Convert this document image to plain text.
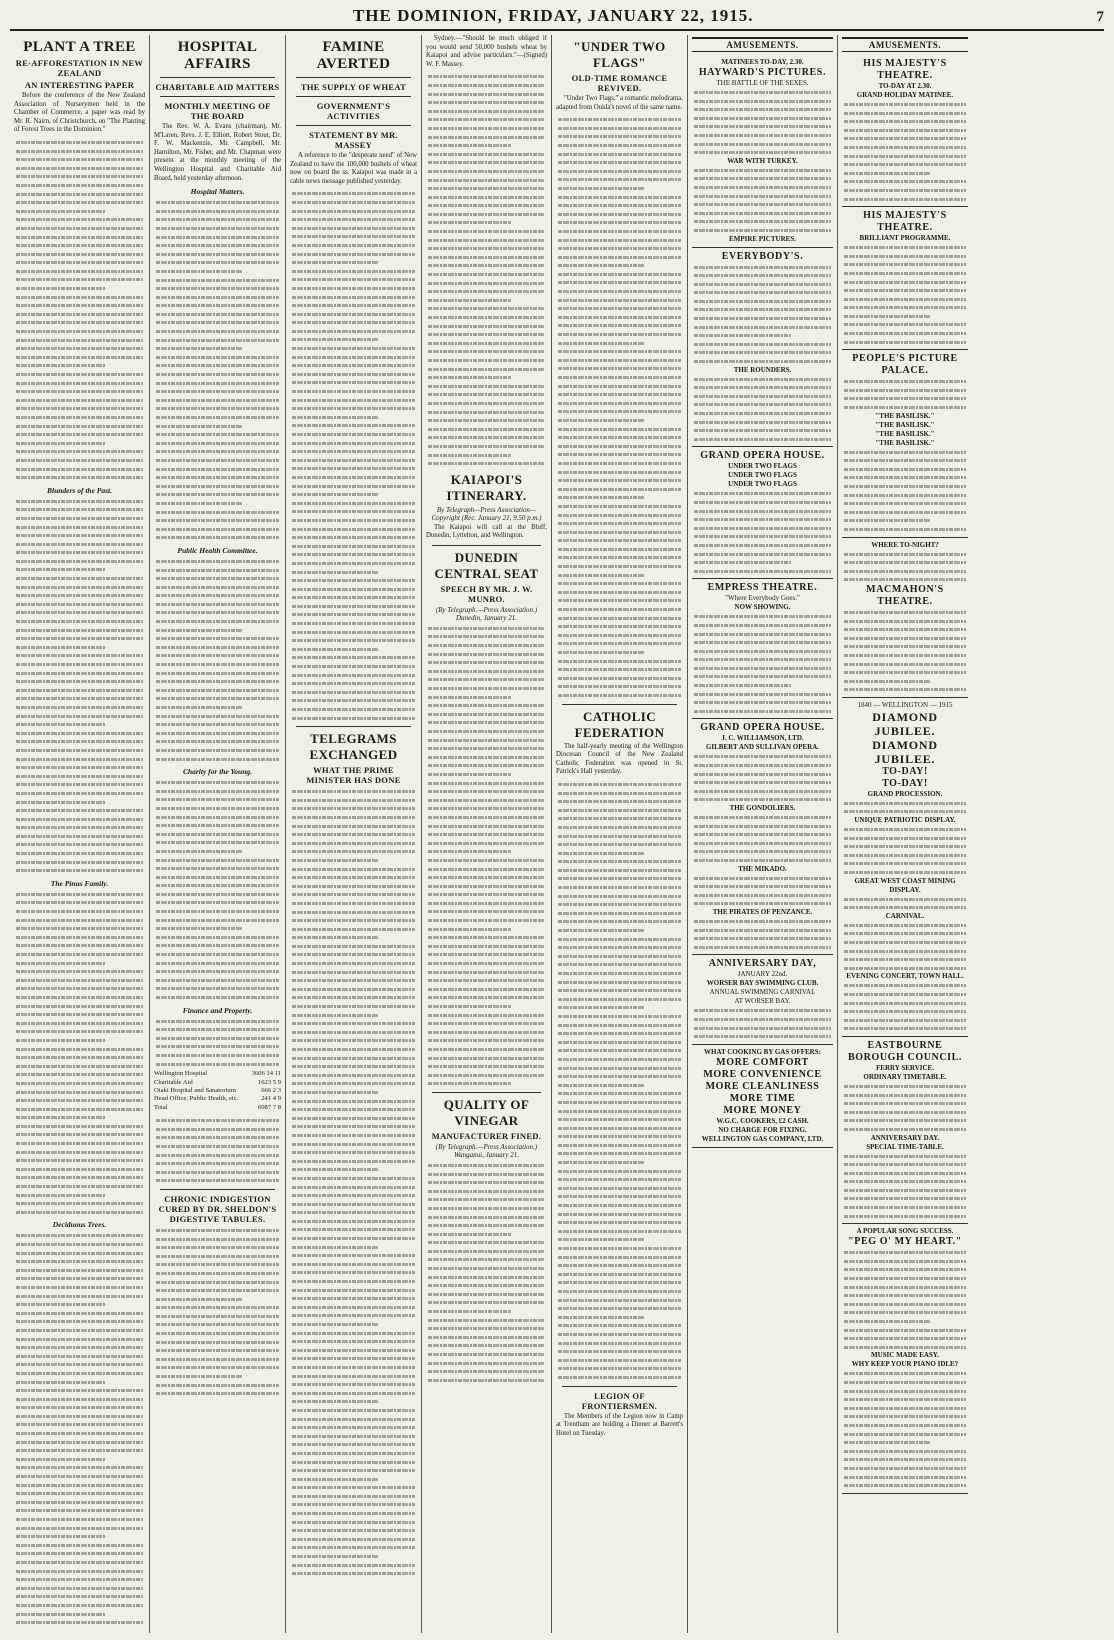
THE DOMINION, FRIDAY, JANUARY 22, 1915.	7
PLANT A TREE
RE-AFFORESTATION IN NEW ZEALAND
AN INTERESTING PAPER

Before the conference of the New Zealand Association of Nurserymen held in the Chamber of Commerce, a paper was read by Mr. R. Nairn, of Christchurch, on "The Planting of Forest Trees in the Dominion."

Blunders of the Past.
The Pinus Family.
Deciduous Trees.
HOSPITAL AFFAIRS
CHARITABLE AID MATTERS
MONTHLY MEETING OF THE BOARD

The Rev. W. A. Evans (chairman), Mr. M'Laren, Revs. J. E. Elliott, Robert Stout, Dr. F. W. Mackenzie, Mr. Campbell, Mr. Hamilton, Mr. Fisher, and Mr. Chapman were present at the monthly meeting of the Wellington Hospital and Charitable Aid Board, held yesterday afternoon.

Hospital Matters.
Public Health Committee.
Charity for the Young.
Finance and Property.
Wellington Hospital	3606 14 11
Charitable Aid	1623 5 9
Otaki Hospital and Sanatorium	666 2 3
Head Office, Public Health, etc.	241 4 9
Total	6087 7 8
CHRONIC INDIGESTION CURED BY DR. SHELDON'S DIGESTIVE TABULES.
FAMINE AVERTED
THE SUPPLY OF WHEAT
GOVERNMENT'S ACTIVITIES
STATEMENT BY MR. MASSEY

A reference to the "desperate need" of New Zealand to have the 100,000 bushels of wheat now on board the ss. Kaiapoi was made in a cable news message published yesterday.

TELEGRAMS EXCHANGED
WHAT THE PRIME MINISTER HAS DONE

Sydney.—"Should be much obliged if you would send 50,000 bushels wheat by Kaiapoi and advise particulars."—(Signed) W. F. Massey.

KAIAPOI'S ITINERARY.
By Telegraph—Press Association—Copyright (Rec. January 21, 9.50 p.m.)

The Kaiapoi will call at the Bluff, Dunedin, Lyttelton, and Wellington.

DUNEDIN CENTRAL SEAT
SPEECH BY MR. J. W. MUNRO.
(By Telegraph.—Press Association.) Dunedin, January 21.
QUALITY OF VINEGAR
MANUFACTURER FINED.
(By Telegraph.—Press Association.) Wanganui, January 21.
"UNDER TWO FLAGS"
OLD-TIME ROMANCE REVIVED.

"Under Two Flags," a romantic melodrama, adapted from Ouida's novel of the same name.

CATHOLIC FEDERATION

The half-yearly meeting of the Wellington Diocesan Council of the New Zealand Catholic Federation was opened in St. Patrick's Hall yesterday.

LEGION OF FRONTIERSMEN.

The Members of the Legion now in Camp at Trentham are holding a Dinner at Barrett's Hotel on Tuesday.

AMUSEMENTS.

MATINEES TO-DAY, 2.30.

HAYWARD'S PICTURES.

THE BATTLE OF THE SEXES.

WAR WITH TURKEY.

EMPIRE PICTURES.

EVERYBODY'S.

THE ROUNDERS.

GRAND OPERA HOUSE.

UNDER TWO FLAGS

UNDER TWO FLAGS

UNDER TWO FLAGS

EMPRESS THEATRE.

"Where Everybody Goes."

NOW SHOWING.

GRAND OPERA HOUSE.

J. C. WILLIAMSON, LTD.

GILBERT AND SULLIVAN OPERA.

THE GONDOLIERS.

THE MIKADO.

THE PIRATES OF PENZANCE.

ANNIVERSARY DAY,

JANUARY 22nd.

WORSER BAY SWIMMING CLUB.

ANNUAL SWIMMING CARNIVAL

AT WORSER BAY.

WHAT COOKING BY GAS OFFERS:

MORE COMFORT

MORE CONVENIENCE

MORE CLEANLINESS

MORE TIME

MORE MONEY

W.G.C. COOKERS, £2 CASH.

NO CHARGE FOR FIXING.

WELLINGTON GAS COMPANY, LTD.

AMUSEMENTS.

HIS MAJESTY'S THEATRE.

TO-DAY AT 2.30.

GRAND HOLIDAY MATINEE.

HIS MAJESTY'S THEATRE.

BRILLIANT PROGRAMME.

PEOPLE'S PICTURE PALACE.

"THE BASILISK."

"THE BASILISK."

"THE BASILISK."

"THE BASILISK."

WHERE TO-NIGHT?

MACMAHON'S THEATRE.

1840 — WELLINGTON — 1915

DIAMOND JUBILEE.

DIAMOND JUBILEE.

TO-DAY!

TO-DAY!

GRAND PROCESSION.

UNIQUE PATRIOTIC DISPLAY.

GREAT WEST COAST MINING DISPLAY.

CARNIVAL.

EVENING CONCERT, TOWN HALL.

EASTBOURNE BOROUGH COUNCIL.

FERRY SERVICE.

ORDINARY TIMETABLE.

ANNIVERSARY DAY.

SPECIAL TIME-TABLE.

A POPULAR SONG SUCCESS.

"PEG O' MY HEART."

MUSIC MADE EASY.

WHY KEEP YOUR PIANO IDLE?
